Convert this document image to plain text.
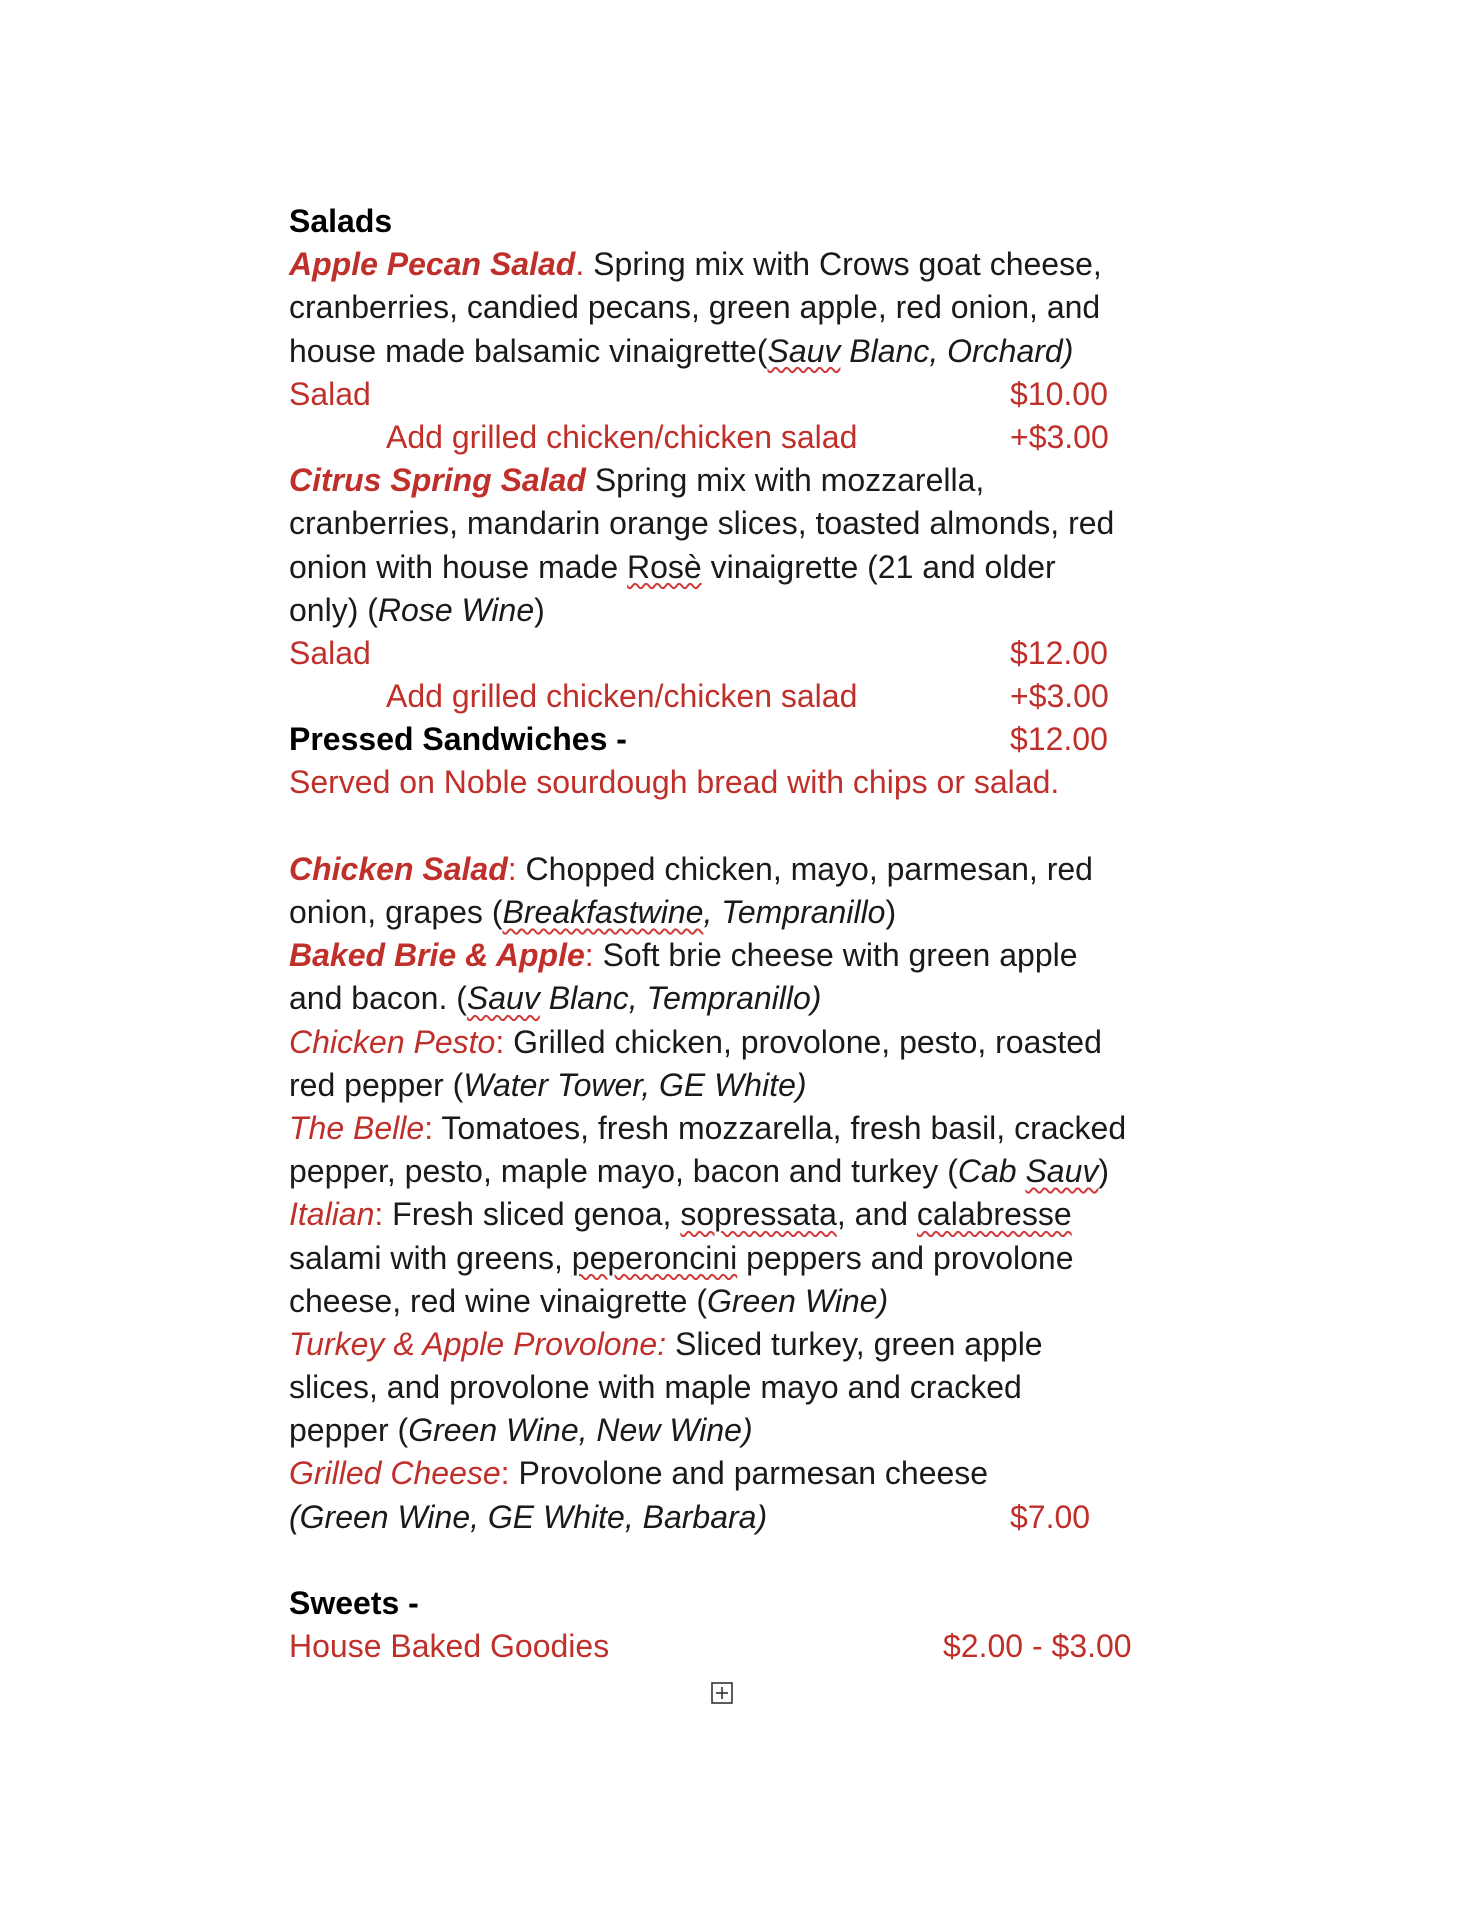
Salads
Apple Pecan Salad. Spring mix with Crows goat cheese,
cranberries, candied pecans, green apple, red onion, and
house made balsamic vinaigrette(Sauv Blanc, Orchard)
Salad	$10.00
Add grilled chicken/chicken salad	+$3.00
Citrus Spring Salad Spring mix with mozzarella,
cranberries, mandarin orange slices, toasted almonds, red
onion with house made Rosè vinaigrette (21 and older
only) (Rose Wine)
Salad	$12.00
Add grilled chicken/chicken salad	+$3.00
Pressed Sandwiches -	$12.00
Served on Noble sourdough bread with chips or salad.
Chicken Salad: Chopped chicken, mayo, parmesan, red
onion, grapes (Breakfastwine, Tempranillo)
Baked Brie & Apple: Soft brie cheese with green apple
and bacon. (Sauv Blanc, Tempranillo)
Chicken Pesto: Grilled chicken, provolone, pesto, roasted
red pepper (Water Tower, GE White)
The Belle: Tomatoes, fresh mozzarella, fresh basil, cracked
pepper, pesto, maple mayo, bacon and turkey (Cab Sauv)
Italian: Fresh sliced genoa, sopressata, and calabresse
salami with greens, peperoncini peppers and provolone
cheese, red wine vinaigrette (Green Wine)
Turkey & Apple Provolone: Sliced turkey, green apple
slices, and provolone with maple mayo and cracked
pepper (Green Wine, New Wine)
Grilled Cheese: Provolone and parmesan cheese
(Green Wine, GE White, Barbara)	$7.00
Sweets -
House Baked Goodies	$2.00 - $3.00
